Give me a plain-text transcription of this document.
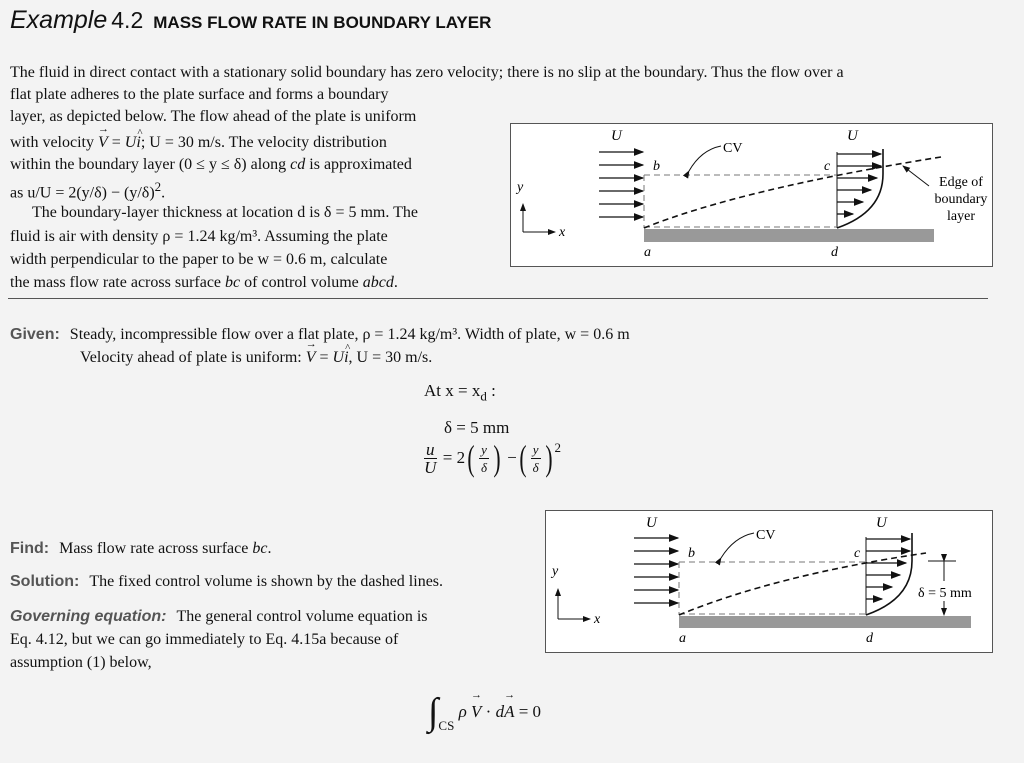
Example 4.2 MASS FLOW RATE IN BOUNDARY LAYER
The fluid in direct contact with a stationary solid boundary has zero velocity; there is no slip at the boundary. Thus the flow over a
flat plate adheres to the plate surface and forms a boundary
layer, as depicted below. The flow ahead of the plate is uniform
with velocity → V = U^ i; U = 30 m/s. The velocity distribution
within the boundary layer (0 ≤ y ≤ δ) along cd is approximated
as $u/U = 2(y/\delta) - (y/\delta)^2$.
The boundary-layer thickness at location d is δ = 5 mm. The
fluid is air with density ρ = 1.24 kg/m³. Assuming the plate
width perpendicular to the paper to be w = 0.6 m, calculate
the mass flow rate across surface bc of control volume abcd.
U	U
CV
b	c
a	d
y
x
Edge of
boundary
layer
Given: Steady, incompressible flow over a flat plate, ρ = 1.24 kg/m³. Width of plate, w = 0.6 m
Velocity ahead of plate is uniform: → V = U^ i, U = 30 m/s.
At $x = x_d$ :
δ = 5 mm
$\frac{u}{U} = 2( \frac{y}{\delta}$ ) −( $\frac{y}{\delta}$ ) $^2$
U	U
CV
b	c
a	d
y
x
δ = 5 mm
Find: Mass flow rate across surface bc.
Solution: The fixed control volume is shown by the dashed lines.
Governing equation: The general control volume equation is
Eq. 4.12, but we can go immediately to Eq. 4.15a because of
assumption (1) below,
$\int_{CS}$ ρ → V · d→ A = 0
